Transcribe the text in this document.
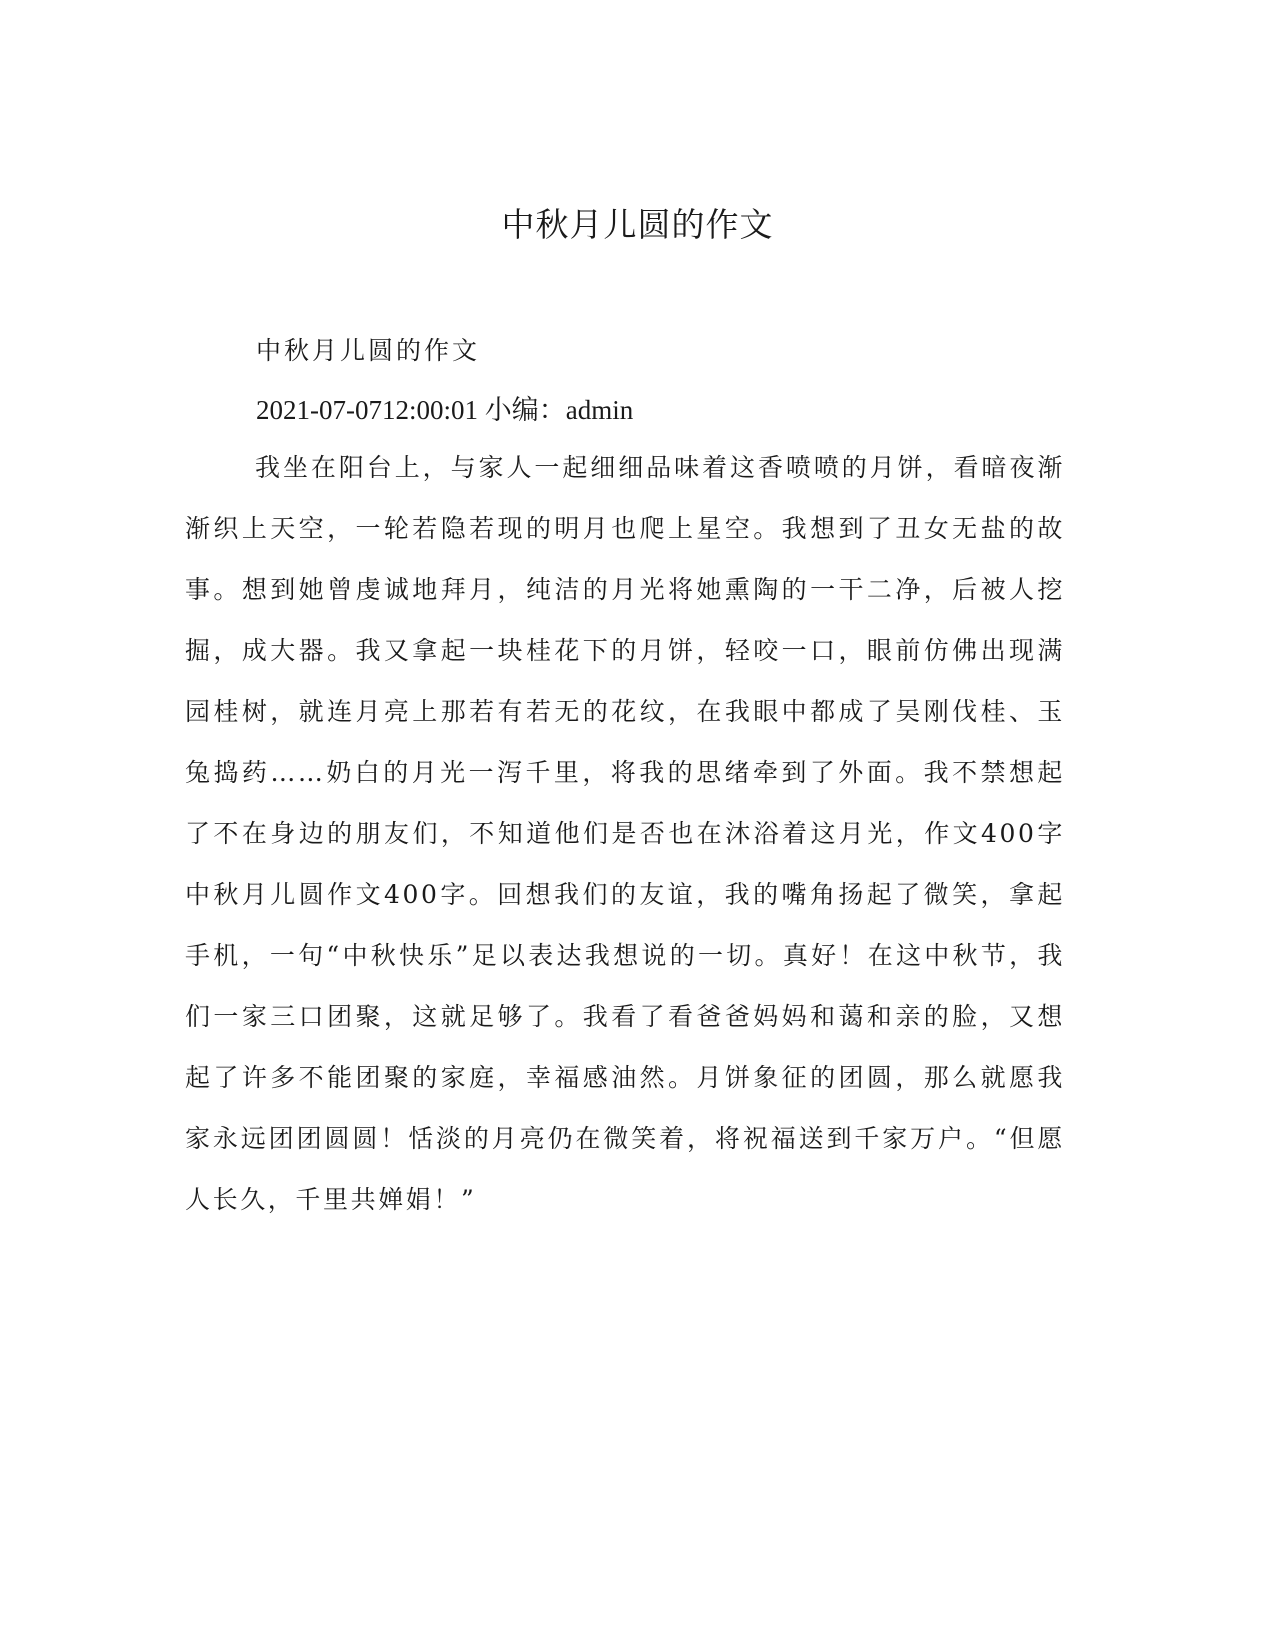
中秋月儿圆的作文

中秋月儿圆的作文

2021-07-0712:00:01 小编：admin

我坐在阳台上，与家人一起细细品味着这香喷喷的月饼，看暗夜渐渐织上天空，一轮若隐若现的明月也爬上星空。我想到了丑女无盐的故事。想到她曾虔诚地拜月，纯洁的月光将她熏陶的一干二净，后被人挖掘，成大器。我又拿起一块桂花下的月饼，轻咬一口，眼前仿佛出现满园桂树，就连月亮上那若有若无的花纹，在我眼中都成了吴刚伐桂、玉兔捣药……奶白的月光一泻千里，将我的思绪牵到了外面。我不禁想起了不在身边的朋友们，不知道他们是否也在沐浴着这月光，作文400字中秋月儿圆作文400字。回想我们的友谊，我的嘴角扬起了微笑，拿起手机，一句“中秋快乐”足以表达我想说的一切。真好！在这中秋节，我们一家三口团聚，这就足够了。我看了看爸爸妈妈和蔼和亲的脸，又想起了许多不能团聚的家庭，幸福感油然。月饼象征的团圆，那么就愿我家永远团团圆圆！恬淡的月亮仍在微笑着，将祝福送到千家万户。“但愿人长久，千里共婵娟！”
